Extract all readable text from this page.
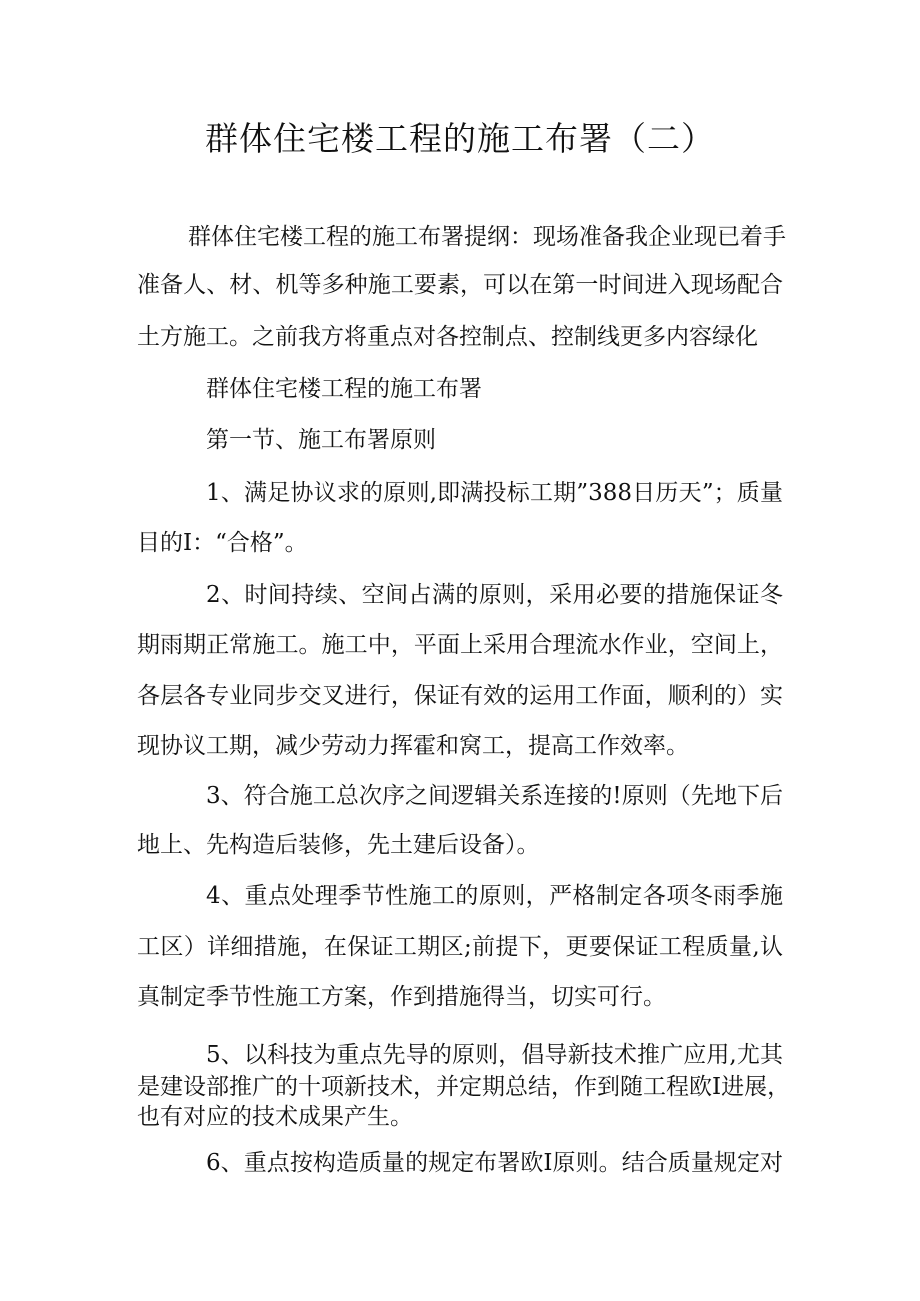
群体住宅楼工程的施工布署（二）
群体住宅楼工程的施工布署提纲：现场准备我企业现已着手
准备人、材、机等多种施工要素，可以在第一时间进入现场配合
土方施工。之前我方将重点对各控制点、控制线更多内容绿化
群体住宅楼工程的施工布署
第一节、施工布署原则
1、满足协议求的原则,即满投标工期”388日历天”；质量
目的I：“合格”。
2、时间持续、空间占满的原则，采用必要的措施保证冬
期雨期正常施工。施工中，平面上采用合理流水作业，空间上，
各层各专业同步交叉进行，保证有效的运用工作面，顺利的）实
现协议工期，减少劳动力挥霍和窝工，提高工作效率。
3、符合施工总次序之间逻辑关系连接的!原则（先地下后
地上、先构造后装修，先土建后设备）。
4、重点处理季节性施工的原则，严格制定各项冬雨季施
工区）详细措施，在保证工期区;前提下，更要保证工程质量,认
真制定季节性施工方案，作到措施得当，切实可行。
5、以科技为重点先导的原则，倡导新技术推广应用,尤其
是建设部推广的十项新技术，并定期总结，作到随工程欧I进展，
也有对应的技术成果产生。
6、重点按构造质量的规定布署欧I原则。结合质量规定对
